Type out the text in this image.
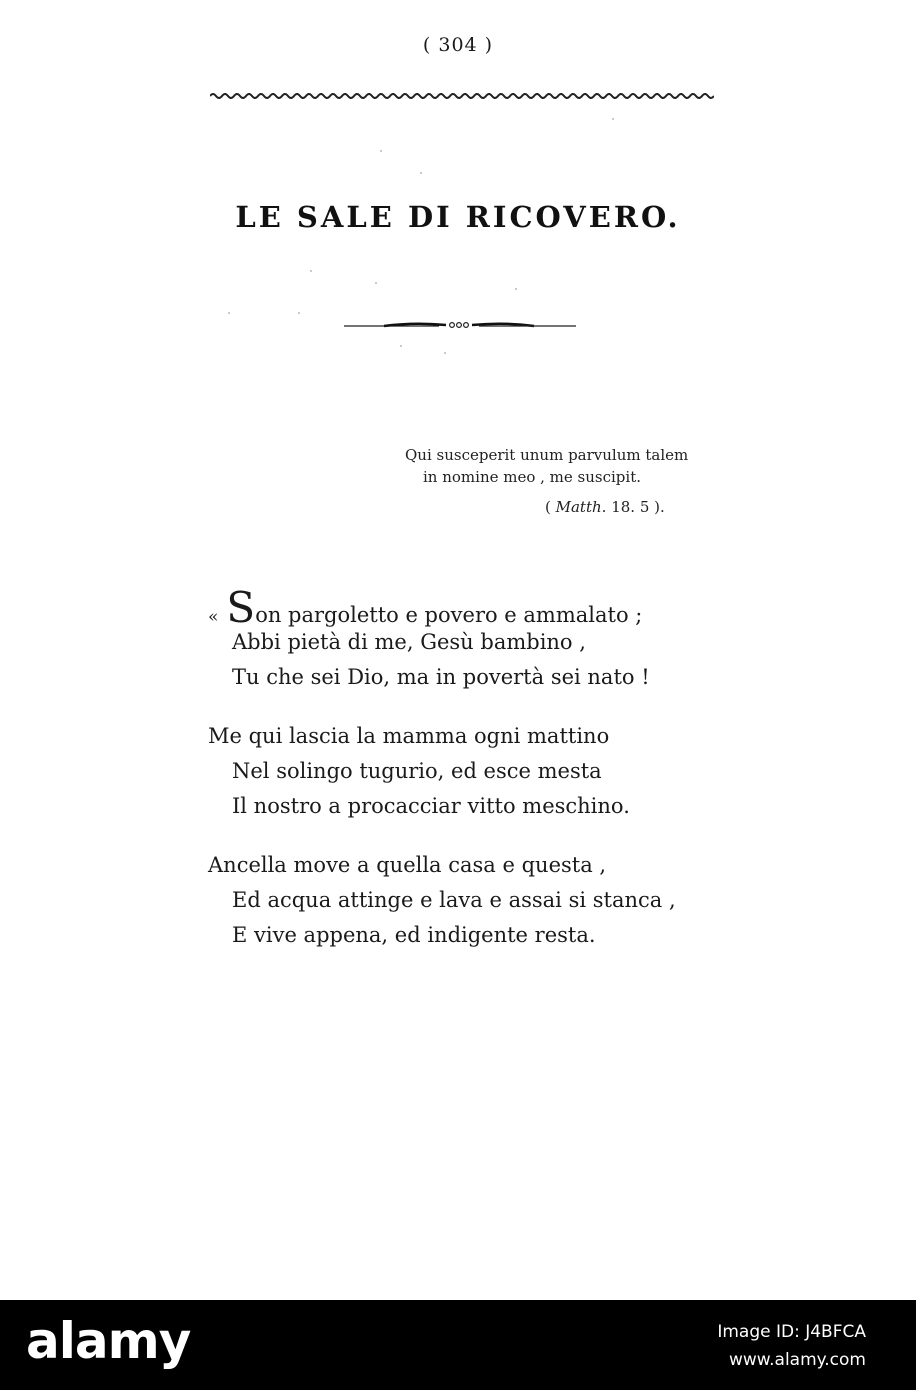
( 304 )
LE SALE DI RICOVERO.
Qui susceperit unum parvulum talem
in nomine meo , me suscipit.
( Matth. 18. 5 ).
« Son pargoletto e povero e ammalato ;
Abbi pietà di me, Gesù bambino ,
Tu che sei Dio, ma in povertà sei nato !
Me qui lascia la mamma ogni mattino
Nel solingo tugurio, ed esce mesta
Il nostro a procacciar vitto meschino.
Ancella move a quella casa e questa ,
Ed acqua attinge e lava e assai si stanca ,
E vive appena, ed indigente resta.
alamy	Image ID: J4BFCA
www.alamy.com
